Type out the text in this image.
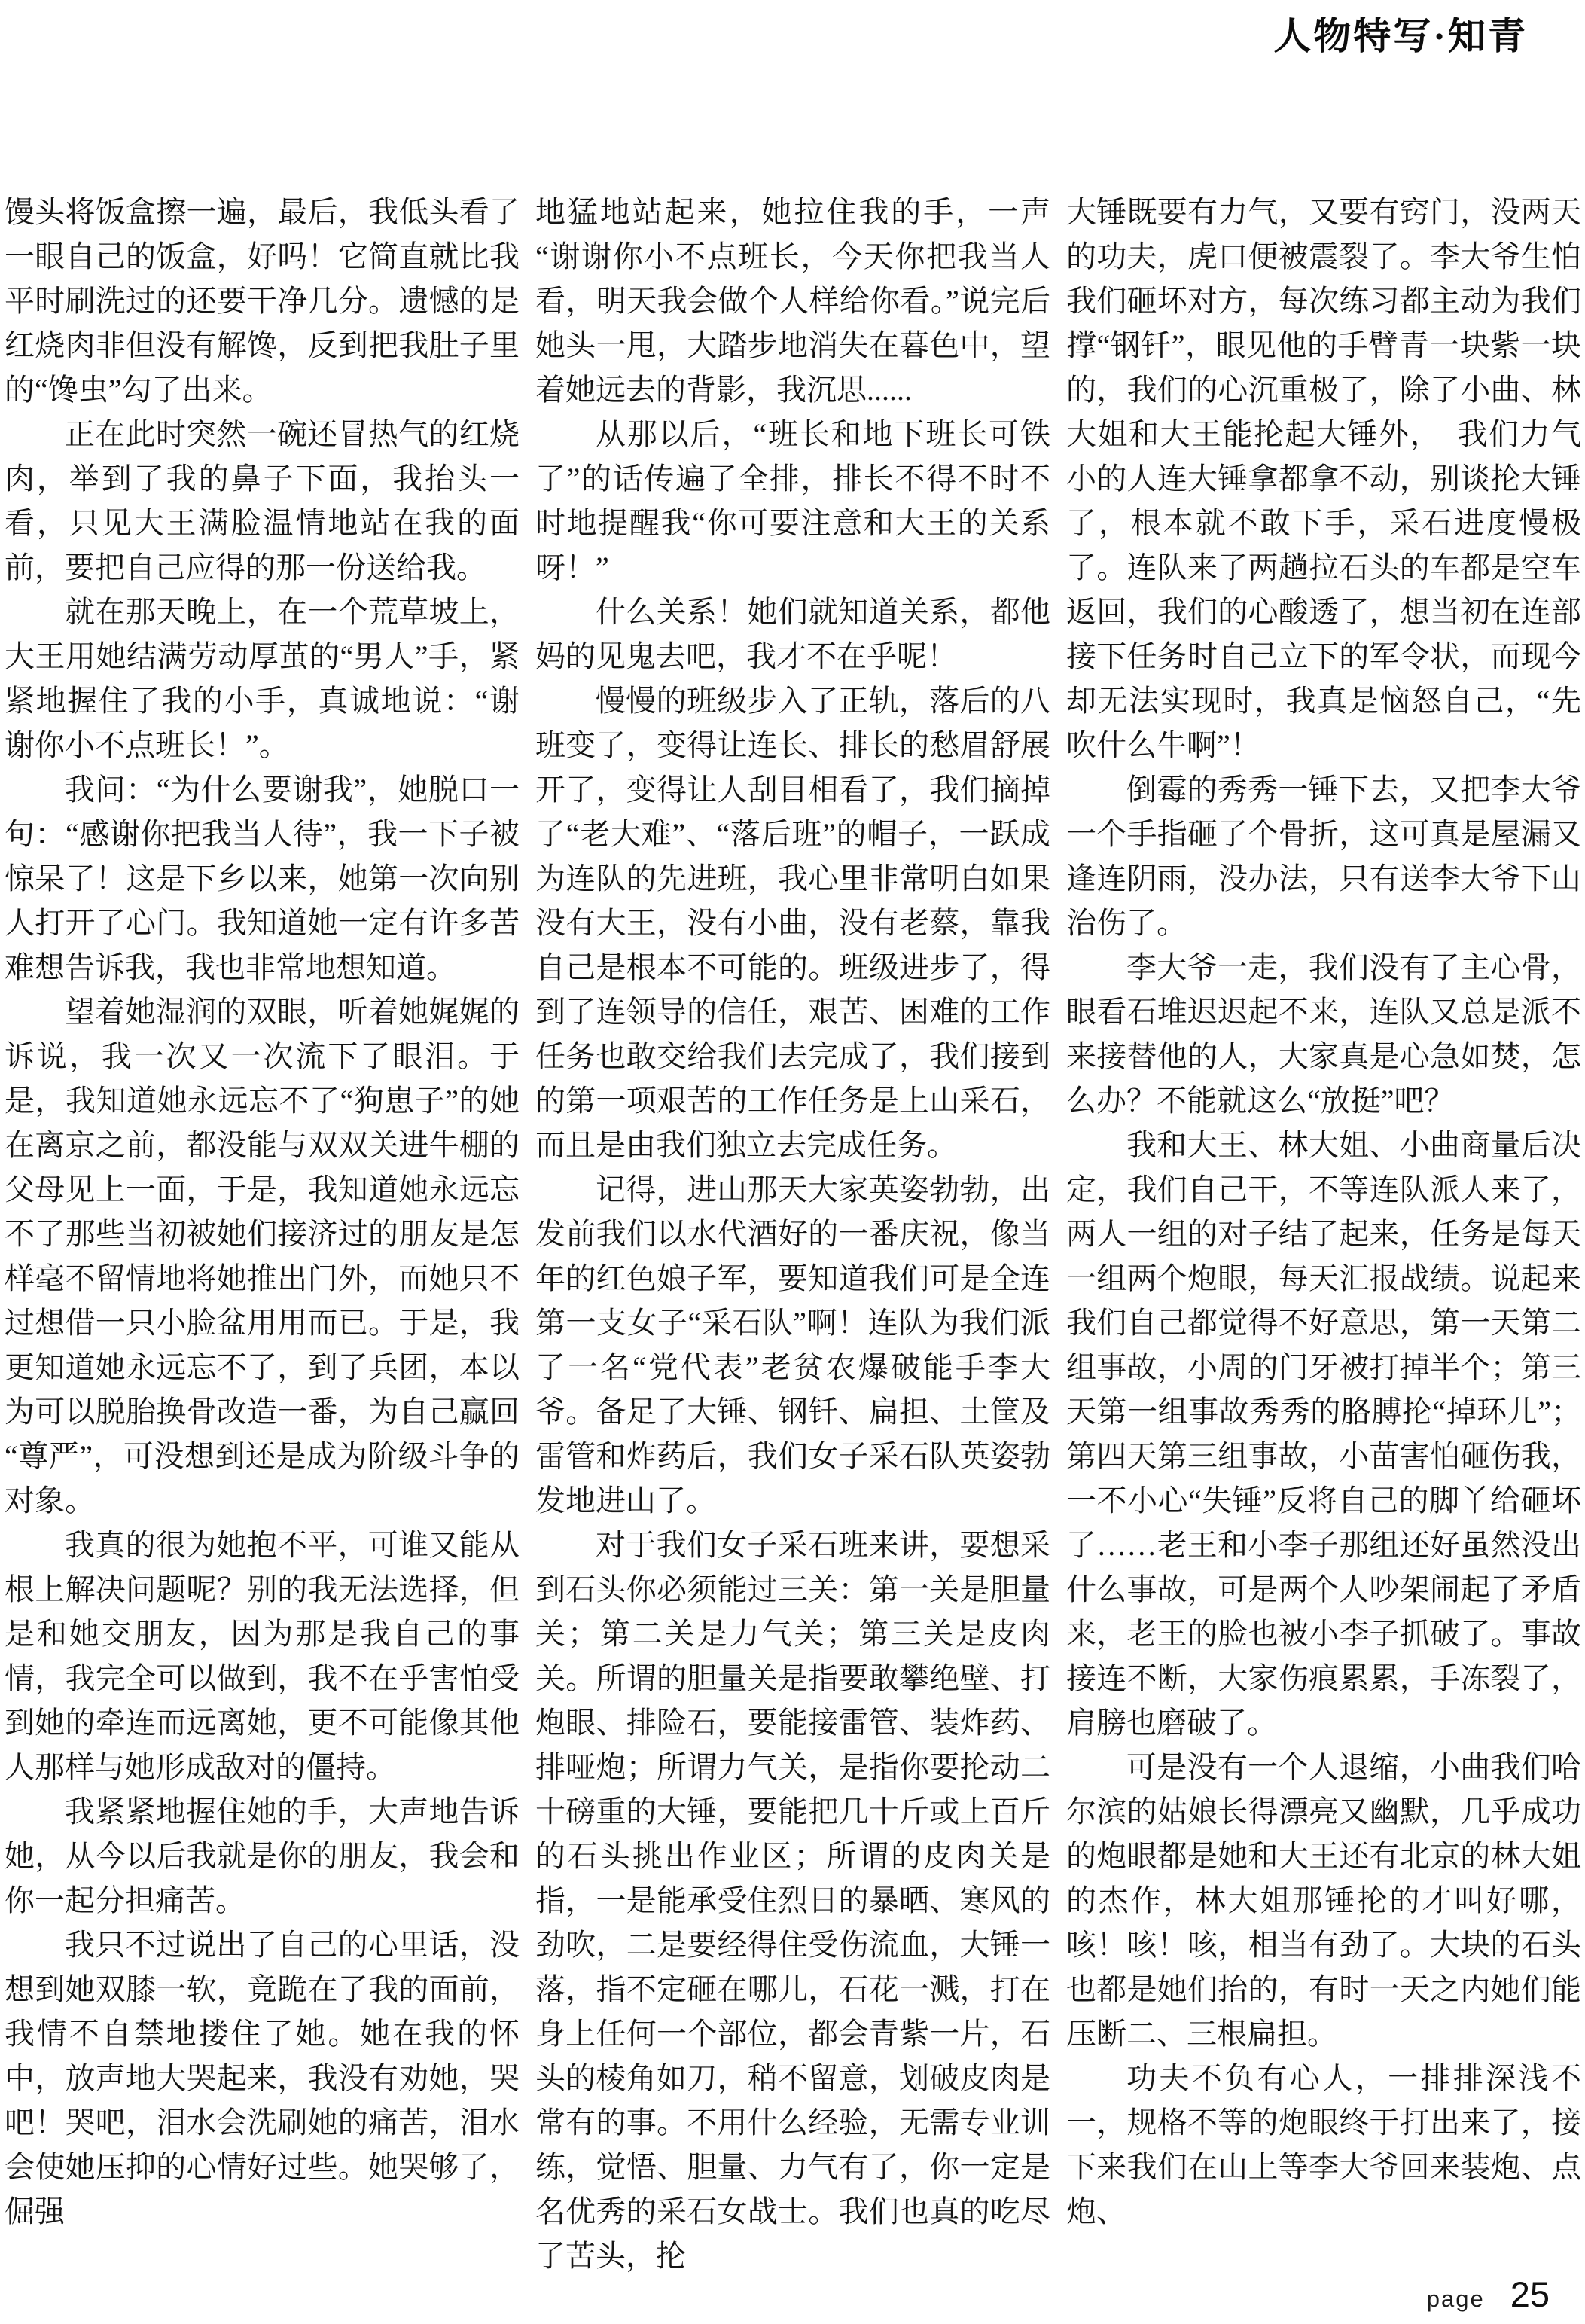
人物特写·知青

馒头将饭盒擦一遍，最后，我低头看了一眼自己的饭盒，好吗！它简直就比我平时刷洗过的还要干净几分。遗憾的是红烧肉非但没有解馋，反到把我肚子里的“馋虫”勾了出来。

正在此时突然一碗还冒热气的红烧肉，举到了我的鼻子下面，我抬头一看，只见大王满脸温情地站在我的面前，要把自己应得的那一份送给我。

就在那天晚上，在一个荒草坡上，大王用她结满劳动厚茧的“男人”手，紧紧地握住了我的小手，真诚地说：“谢谢你小不点班长！”。

我问：“为什么要谢我”，她脱口一句：“感谢你把我当人待”，我一下子被惊呆了！这是下乡以来，她第一次向别人打开了心门。我知道她一定有许多苦难想告诉我，我也非常地想知道。

望着她湿润的双眼，听着她娓娓的诉说，我一次又一次流下了眼泪。于是，我知道她永远忘不了“狗崽子”的她在离京之前，都没能与双双关进牛棚的父母见上一面，于是，我知道她永远忘不了那些当初被她们接济过的朋友是怎样毫不留情地将她推出门外，而她只不过想借一只小脸盆用用而已。于是，我更知道她永远忘不了，到了兵团，本以为可以脱胎换骨改造一番，为自己赢回 “尊严”，可没想到还是成为阶级斗争的对象。

我真的很为她抱不平，可谁又能从根上解决问题呢？别的我无法选择，但是和她交朋友，因为那是我自己的事情，我完全可以做到，我不在乎害怕受到她的牵连而远离她，更不可能像其他人那样与她形成敌对的僵持。

我紧紧地握住她的手，大声地告诉她，从今以后我就是你的朋友，我会和你一起分担痛苦。

我只不过说出了自己的心里话，没想到她双膝一软，竟跪在了我的面前，我情不自禁地搂住了她。她在我的怀中，放声地大哭起来，我没有劝她，哭吧！哭吧，泪水会洗刷她的痛苦，泪水会使她压抑的心情好过些。她哭够了，倔强

地猛地站起来，她拉住我的手，一声“谢谢你小不点班长，今天你把我当人看，明天我会做个人样给你看。”说完后她头一甩，大踏步地消失在暮色中，望着她远去的背影，我沉思......

从那以后，“班长和地下班长可铁了”的话传遍了全排，排长不得不时不时地提醒我“你可要注意和大王的关系呀！”

什么关系！她们就知道关系，都他妈的见鬼去吧，我才不在乎呢！

慢慢的班级步入了正轨，落后的八班变了，变得让连长、排长的愁眉舒展开了，变得让人刮目相看了，我们摘掉了“老大难”、“落后班”的帽子，一跃成为连队的先进班，我心里非常明白如果没有大王，没有小曲，没有老蔡，靠我自己是根本不可能的。班级进步了，得到了连领导的信任，艰苦、困难的工作任务也敢交给我们去完成了，我们接到的第一项艰苦的工作任务是上山采石，而且是由我们独立去完成任务。

记得，进山那天大家英姿勃勃，出发前我们以水代酒好的一番庆祝，像当年的红色娘子军，要知道我们可是全连第一支女子“采石队”啊！连队为我们派了一名“党代表”老贫农爆破能手李大爷。备足了大锤、钢钎、扁担、土筐及雷管和炸药后，我们女子采石队英姿勃发地进山了。

对于我们女子采石班来讲，要想采到石头你必须能过三关：第一关是胆量关；第二关是力气关；第三关是皮肉关。所谓的胆量关是指要敢攀绝壁、打炮眼、排险石，要能接雷管、装炸药、排哑炮；所谓力气关，是指你要抡动二十磅重的大锤，要能把几十斤或上百斤的石头挑出作业区；所谓的皮肉关是指，一是能承受住烈日的暴晒、寒风的劲吹，二是要经得住受伤流血，大锤一落，指不定砸在哪儿，石花一溅，打在身上任何一个部位，都会青紫一片，石头的棱角如刀，稍不留意，划破皮肉是常有的事。不用什么经验，无需专业训练，觉悟、胆量、力气有了，你一定是名优秀的采石女战士。我们也真的吃尽了苦头，抡

大锤既要有力气，又要有窍门，没两天的功夫，虎口便被震裂了。李大爷生怕我们砸坏对方，每次练习都主动为我们撑“钢钎”，眼见他的手臂青一块紫一块的，我们的心沉重极了，除了小曲、林大姐和大王能抡起大锤外，　我们力气小的人连大锤拿都拿不动，别谈抡大锤了，根本就不敢下手，采石进度慢极了。连队来了两趟拉石头的车都是空车返回，我们的心酸透了，想当初在连部接下任务时自己立下的军令状，而现今却无法实现时，我真是恼怒自己，“先吹什么牛啊”！

倒霉的秀秀一锤下去，又把李大爷一个手指砸了个骨折，这可真是屋漏又逢连阴雨，没办法，只有送李大爷下山治伤了。

李大爷一走，我们没有了主心骨，眼看石堆迟迟起不来，连队又总是派不来接替他的人，大家真是心急如焚，怎么办？不能就这么“放挺”吧？

我和大王、林大姐、小曲商量后决定，我们自己干，不等连队派人来了，两人一组的对子结了起来，任务是每天一组两个炮眼，每天汇报战绩。说起来我们自己都觉得不好意思，第一天第二组事故，小周的门牙被打掉半个；第三天第一组事故秀秀的胳膊抡“掉环儿”；第四天第三组事故，小苗害怕砸伤我，一不小心“失锤”反将自己的脚丫给砸坏了……老王和小李子那组还好虽然没出什么事故，可是两个人吵架闹起了矛盾来，老王的脸也被小李子抓破了。事故接连不断，大家伤痕累累，手冻裂了，肩膀也磨破了。

可是没有一个人退缩，小曲我们哈尔滨的姑娘长得漂亮又幽默，几乎成功的炮眼都是她和大王还有北京的林大姐的杰作，林大姐那锤抡的才叫好哪，咳！咳！咳，相当有劲了。大块的石头也都是她们抬的，有时一天之内她们能压断二、三根扁担。

功夫不负有心人，一排排深浅不一，规格不等的炮眼终于打出来了，接下来我们在山上等李大爷回来装炮、点炮、

page 25
